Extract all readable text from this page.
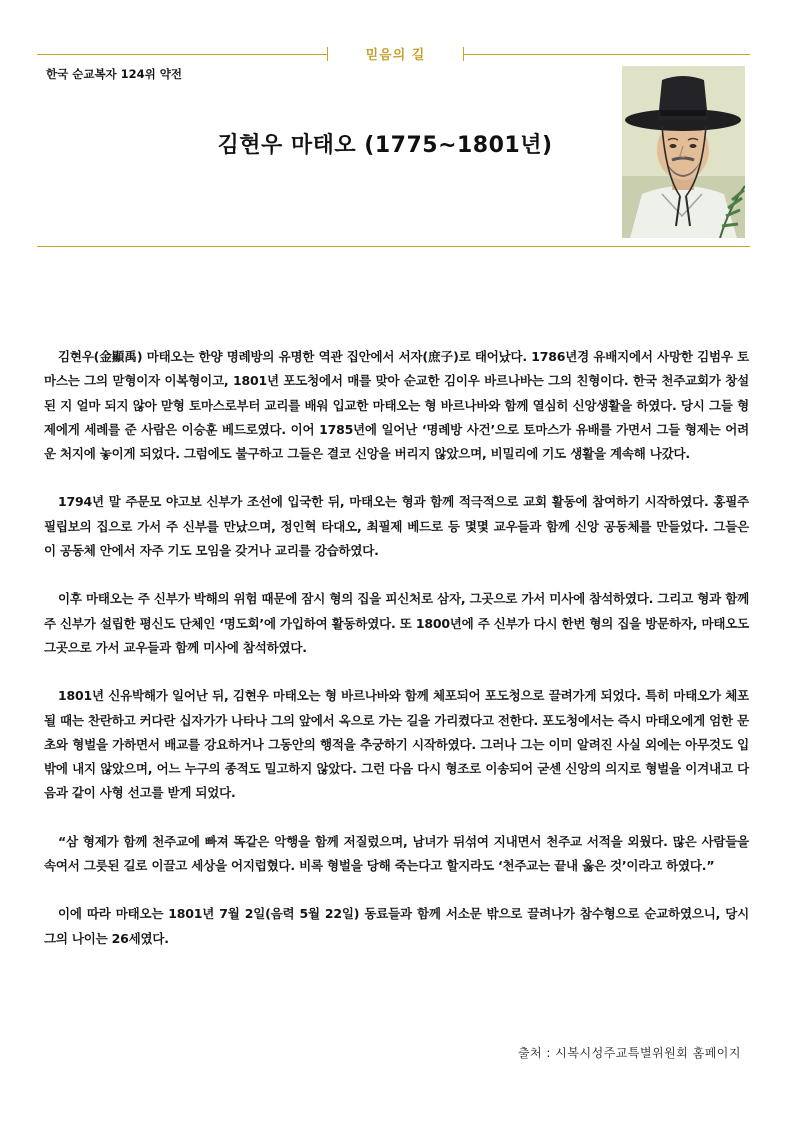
믿음의 길
한국 순교복자 124위 약전
김현우 마태오 (1775~1801년)

김현우(金顯禹) 마태오는 한양 명례방의 유명한 역관 집안에서 서자(庶子)로 태어났다. 1786년경 유배지에서 사망한 김범우 토마스는 그의 맏형이자 이복형이고, 1801년 포도청에서 매를 맞아 순교한 김이우 바르나바는 그의 친형이다. 한국 천주교회가 창설된 지 얼마 되지 않아 맏형 토마스로부터 교리를 배워 입교한 마태오는 형 바르나바와 함께 열심히 신앙생활을 하였다. 당시 그들 형제에게 세례를 준 사람은 이승훈 베드로였다. 이어 1785년에 일어난 ‘명례방 사건’으로 토마스가 유배를 가면서 그들 형제는 어려운 처지에 놓이게 되었다. 그럼에도 불구하고 그들은 결코 신앙을 버리지 않았으며, 비밀리에 기도 생활을 계속해 나갔다.

1794년 말 주문모 야고보 신부가 조선에 입국한 뒤, 마태오는 형과 함께 적극적으로 교회 활동에 참여하기 시작하였다. 홍필주 필립보의 집으로 가서 주 신부를 만났으며, 정인혁 타대오, 최필제 베드로 등 몇몇 교우들과 함께 신앙 공동체를 만들었다. 그들은 이 공동체 안에서 자주 기도 모임을 갖거나 교리를 강습하였다.

이후 마태오는 주 신부가 박해의 위험 때문에 잠시 형의 집을 피신처로 삼자, 그곳으로 가서 미사에 참석하였다. 그리고 형과 함께 주 신부가 설립한 평신도 단체인 ‘명도회’에 가입하여 활동하였다. 또 1800년에 주 신부가 다시 한번 형의 집을 방문하자, 마태오도 그곳으로 가서 교우들과 함께 미사에 참석하였다.

1801년 신유박해가 일어난 뒤, 김현우 마태오는 형 바르나바와 함께 체포되어 포도청으로 끌려가게 되었다. 특히 마태오가 체포될 때는 찬란하고 커다란 십자가가 나타나 그의 앞에서 옥으로 가는 길을 가리켰다고 전한다. 포도청에서는 즉시 마태오에게 엄한 문초와 형벌을 가하면서 배교를 강요하거나 그동안의 행적을 추궁하기 시작하였다. 그러나 그는 이미 알려진 사실 외에는 아무것도 입 밖에 내지 않았으며, 어느 누구의 종적도 밀고하지 않았다. 그런 다음 다시 형조로 이송되어 굳센 신앙의 의지로 형벌을 이겨내고 다음과 같이 사형 선고를 받게 되었다.

“삼 형제가 함께 천주교에 빠져 똑같은 악행을 함께 저질렀으며, 남녀가 뒤섞여 지내면서 천주교 서적을 외웠다. 많은 사람들을 속여서 그릇된 길로 이끌고 세상을 어지럽혔다. 비록 형벌을 당해 죽는다고 할지라도 ‘천주교는 끝내 옳은 것’이라고 하였다.”

이에 따라 마태오는 1801년 7월 2일(음력 5월 22일) 동료들과 함께 서소문 밖으로 끌려나가 참수형으로 순교하였으니, 당시 그의 나이는 26세였다.

출처 : 시복시성주교특별위원회 홈페이지
